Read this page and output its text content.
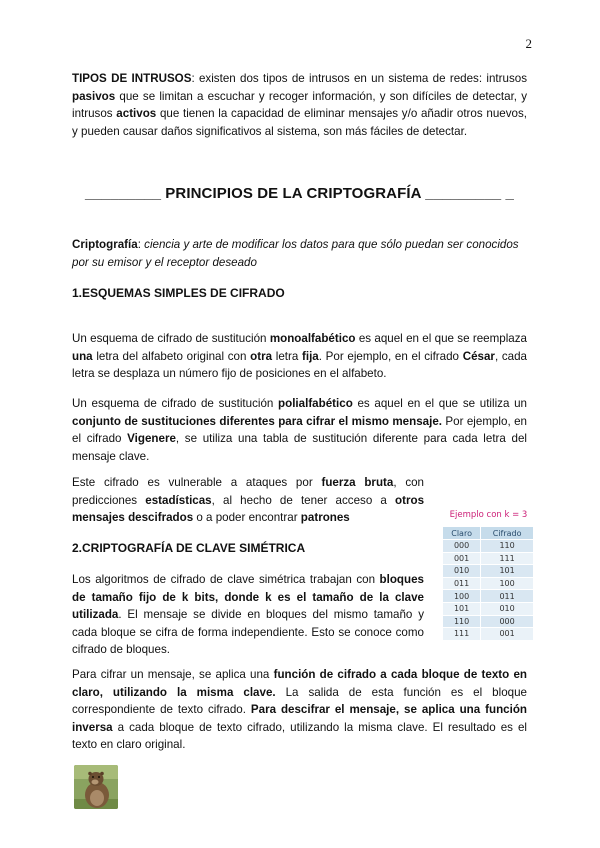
2

TIPOS DE INTRUSOS: existen dos tipos de intrusos en un sistema de redes: intrusos pasivos que se limitan a escuchar y recoger información, y son difíciles de detectar, y intrusos activos que tienen la capacidad de eliminar mensajes y/o añadir otros nuevos, y pueden causar daños significativos al sistema, son más fáciles de detectar.

_________ PRINCIPIOS DE LA CRIPTOGRAFÍA _________ _

Criptografía: ciencia y arte de modificar los datos para que sólo puedan ser conocidos por su emisor y el receptor deseado

1.ESQUEMAS SIMPLES DE CIFRADO

Un esquema de cifrado de sustitución monoalfabético es aquel en el que se reemplaza una letra del alfabeto original con otra letra fija. Por ejemplo, en el cifrado César, cada letra se desplaza un número fijo de posiciones en el alfabeto.

Un esquema de cifrado de sustitución polialfabético es aquel en el que se utiliza un conjunto de sustituciones diferentes para cifrar el mismo mensaje. Por ejemplo, en el cifrado Vigenere, se utiliza una tabla de sustitución diferente para cada letra del mensaje clave.

Este cifrado es vulnerable a ataques por fuerza bruta, con predicciones estadísticas, al hecho de tener acceso a otros mensajes descifrados o a poder encontrar patrones

2.CRIPTOGRAFÍA DE CLAVE SIMÉTRICA

Los algoritmos de cifrado de clave simétrica trabajan con bloques de tamaño fijo de k bits, donde k es el tamaño de la clave utilizada. El mensaje se divide en bloques del mismo tamaño y cada bloque se cifra de forma independiente. Esto se conoce como cifrado de bloques.

Ejemplo con k = 3
Claro	Cifrado
000	110
001	111
010	101
011	100
100	011
101	010
110	000
111	001

Para cifrar un mensaje, se aplica una función de cifrado a cada bloque de texto en claro, utilizando la misma clave. La salida de esta función es el bloque correspondiente de texto cifrado. Para descifrar el mensaje, se aplica una función inversa a cada bloque de texto cifrado, utilizando la misma clave. El resultado es el texto en claro original.
